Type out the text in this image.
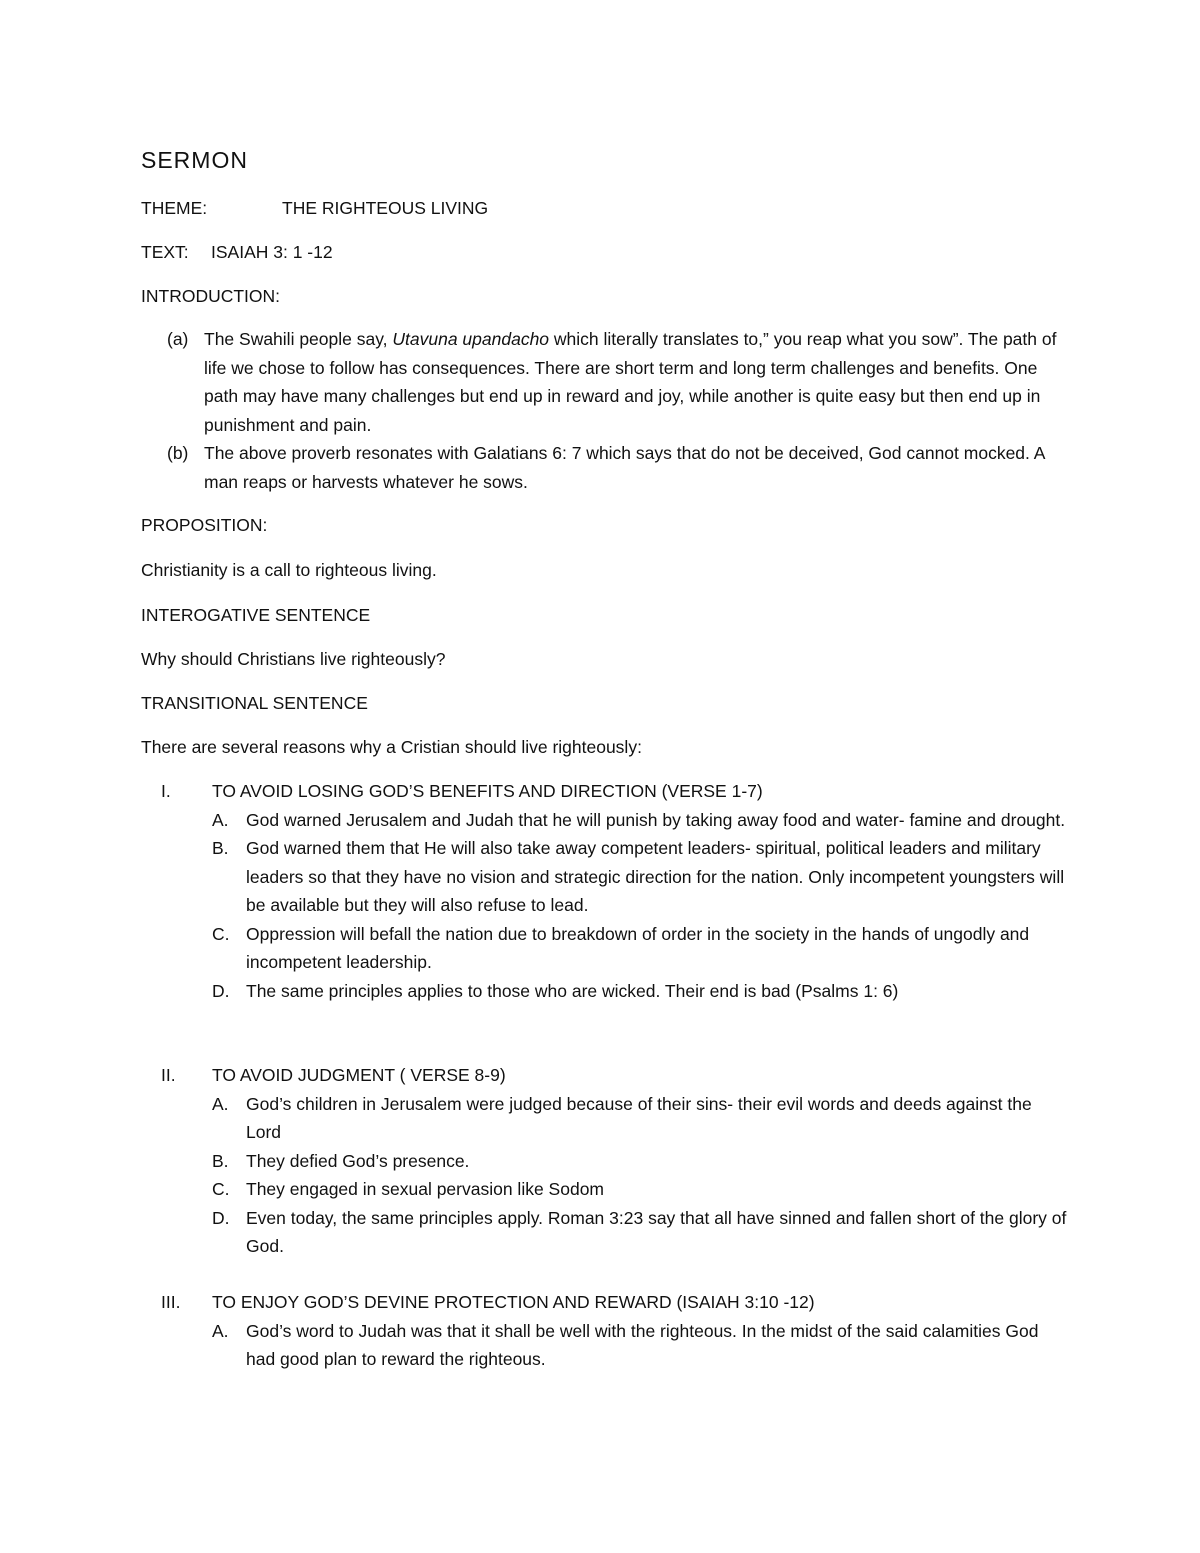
SERMON
THEME:	THE RIGHTEOUS LIVING
TEXT: ISAIAH 3: 1 -12
INTRODUCTION:
(a) The Swahili people say, Utavuna upandacho which literally translates to,” you reap what you sow”. The path of life we chose to follow has consequences. There are short term and long term challenges and benefits. One path may have many challenges but end up in reward and joy, while another is quite easy but then end up in punishment and pain.
(b) The above proverb resonates with Galatians 6: 7 which says that do not be deceived, God cannot mocked. A man reaps or harvests whatever he sows.
PROPOSITION:
Christianity is a call to righteous living.
INTEROGATIVE SENTENCE
Why should Christians live righteously?
TRANSITIONAL SENTENCE
There are several reasons why a Cristian should live righteously:
I. TO AVOID LOSING GOD’S BENEFITS AND DIRECTION (VERSE 1-7)
A. God warned Jerusalem and Judah that he will punish by taking away food and water- famine and drought.
B. God warned them that He will also take away competent leaders- spiritual, political leaders and military leaders so that they have no vision and strategic direction for the nation. Only incompetent youngsters will be available but they will also refuse to lead.
C. Oppression will befall the nation due to breakdown of order in the society in the hands of ungodly and incompetent leadership.
D. The same principles applies to those who are wicked. Their end is bad (Psalms 1: 6)
II. TO AVOID JUDGMENT ( VERSE 8-9)
A. God’s children in Jerusalem were judged because of their sins- their evil words and deeds against the Lord
B. They defied God’s presence.
C. They engaged in sexual pervasion like Sodom
D. Even today, the same principles apply. Roman 3:23 say that all have sinned and fallen short of the glory of God.
III. TO ENJOY GOD’S DEVINE PROTECTION AND REWARD (ISAIAH 3:10 -12)
A. God’s word to Judah was that it shall be well with the righteous. In the midst of the said calamities God had good plan to reward the righteous.
